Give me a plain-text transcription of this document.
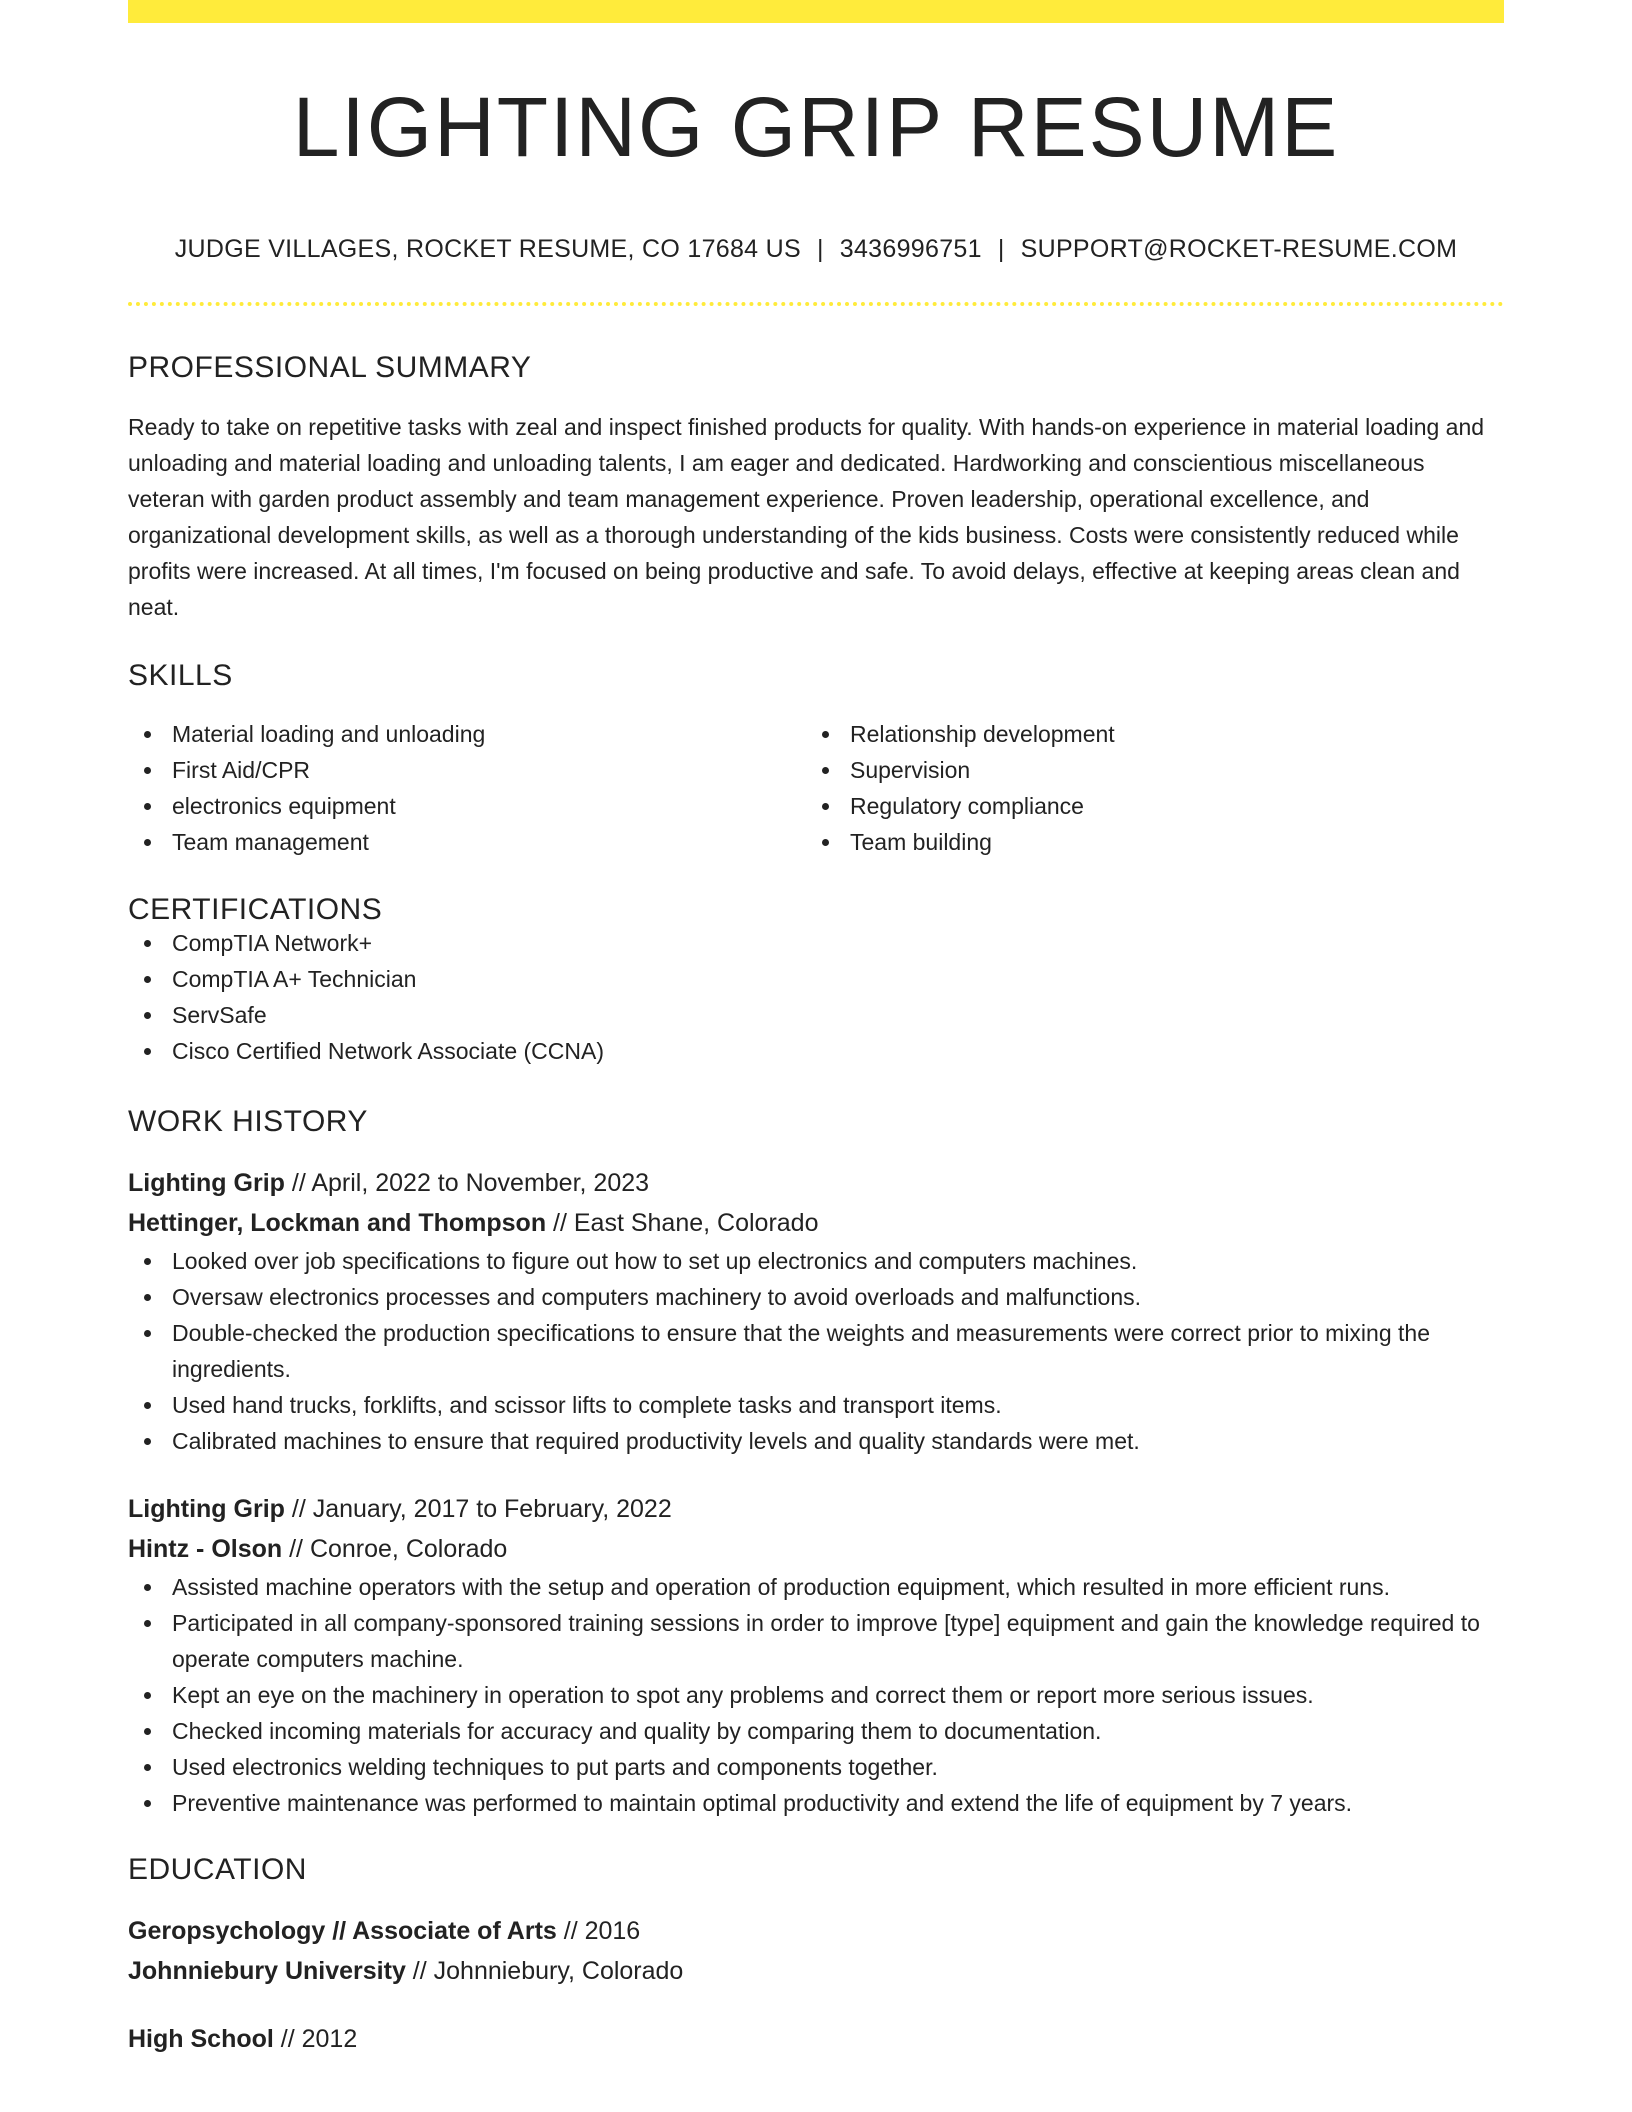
LIGHTING GRIP RESUME
JUDGE VILLAGES, ROCKET RESUME, CO 17684 US | 3436996751 | SUPPORT@ROCKET-RESUME.COM
PROFESSIONAL SUMMARY

Ready to take on repetitive tasks with zeal and inspect finished products for quality. With hands-on experience in material loading and unloading and material loading and unloading talents, I am eager and dedicated. Hardworking and conscientious miscellaneous veteran with garden product assembly and team management experience. Proven leadership, operational excellence, and organizational development skills, as well as a thorough understanding of the kids business. Costs were consistently reduced while profits were increased. At all times, I'm focused on being productive and safe. To avoid delays, effective at keeping areas clean and neat.

SKILLS
Material loading and unloading
First Aid/CPR
electronics equipment
Team management
Relationship development
Supervision
Regulatory compliance
Team building
CERTIFICATIONS
CompTIA Network+
CompTIA A+ Technician
ServSafe
Cisco Certified Network Associate (CCNA)
WORK HISTORY
Lighting Grip // April, 2022 to November, 2023
Hettinger, Lockman and Thompson // East Shane, Colorado
Looked over job specifications to figure out how to set up electronics and computers machines.
Oversaw electronics processes and computers machinery to avoid overloads and malfunctions.
Double-checked the production specifications to ensure that the weights and measurements were correct prior to mixing the ingredients.
Used hand trucks, forklifts, and scissor lifts to complete tasks and transport items.
Calibrated machines to ensure that required productivity levels and quality standards were met.
Lighting Grip // January, 2017 to February, 2022
Hintz - Olson // Conroe, Colorado
Assisted machine operators with the setup and operation of production equipment, which resulted in more efficient runs.
Participated in all company-sponsored training sessions in order to improve [type] equipment and gain the knowledge required to operate computers machine.
Kept an eye on the machinery in operation to spot any problems and correct them or report more serious issues.
Checked incoming materials for accuracy and quality by comparing them to documentation.
Used electronics welding techniques to put parts and components together.
Preventive maintenance was performed to maintain optimal productivity and extend the life of equipment by 7 years.
EDUCATION
Geropsychology // Associate of Arts // 2016
Johnniebury University // Johnniebury, Colorado
High School // 2012
